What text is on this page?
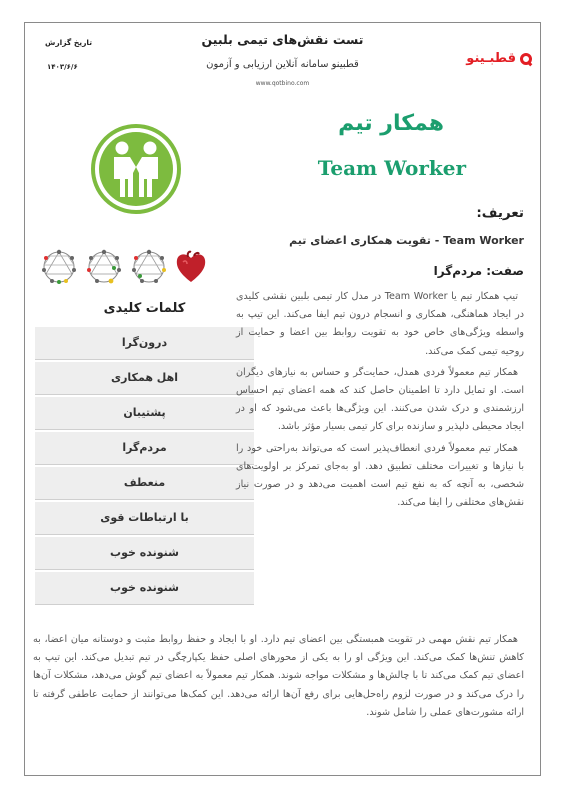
تاریخ گزارش
۱۴۰۳/۶/۶
تست نقش‌های تیمی بلبین
قطبینو سامانه آنلاین ارزیابی و آزمون
www.qotbino.com
قطبـینو
کلمات کلیدی
درون‌گرا
اهل همکاری
پشتیبان
مردم‌گرا
منعطف
با ارتباطات قوی
شنونده خوب
شنونده خوب
همکار تیم
Team Worker
تعریف:
Team Worker - تقویت همکاری اعضای تیم
صفت: مردم‌گرا

تیپ همکار تیم یا Team Worker در مدل کار تیمی بلبین نقشی کلیدی در ایجاد هماهنگی، همکاری و انسجام درون تیم ایفا می‌کند. این تیپ به واسطه ویژگی‌های خاص خود به تقویت روابط بین اعضا و حمایت از روحیه تیمی کمک می‌کند.

همکار تیم معمولاً فردی همدل، حمایت‌گر و حساس به نیازهای دیگران است. او تمایل دارد تا اطمینان حاصل کند که همه اعضای تیم احساس ارزشمندی و درک شدن می‌کنند. این ویژگی‌ها باعث می‌شود که او در ایجاد محیطی دلپذیر و سازنده برای کار تیمی بسیار مؤثر باشد.

همکار تیم معمولاً فردی انعطاف‌پذیر است که می‌تواند به‌راحتی خود را با نیازها و تغییرات مختلف تطبیق دهد. او به‌جای تمرکز بر اولویت‌های شخصی، به آنچه که به نفع تیم است اهمیت می‌دهد و در صورت نیاز نقش‌های مختلفی را ایفا می‌کند.

همکار تیم نقش مهمی در تقویت همبستگی بین اعضای تیم دارد. او با ایجاد و حفظ روابط مثبت و دوستانه میان اعضا، به کاهش تنش‌ها کمک می‌کند. این ویژگی او را به یکی از محورهای اصلی حفظ یکپارچگی در تیم تبدیل می‌کند. این تیپ به اعضای تیم کمک می‌کند تا با چالش‌ها و مشکلات مواجه شوند. همکار تیم معمولاً به اعضای تیم گوش می‌دهد، مشکلات آن‌ها را درک می‌کند و در صورت لزوم راه‌حل‌هایی برای رفع آن‌ها ارائه می‌دهد. این کمک‌ها می‌توانند از حمایت عاطفی گرفته تا ارائه مشورت‌های عملی را شامل شوند.
